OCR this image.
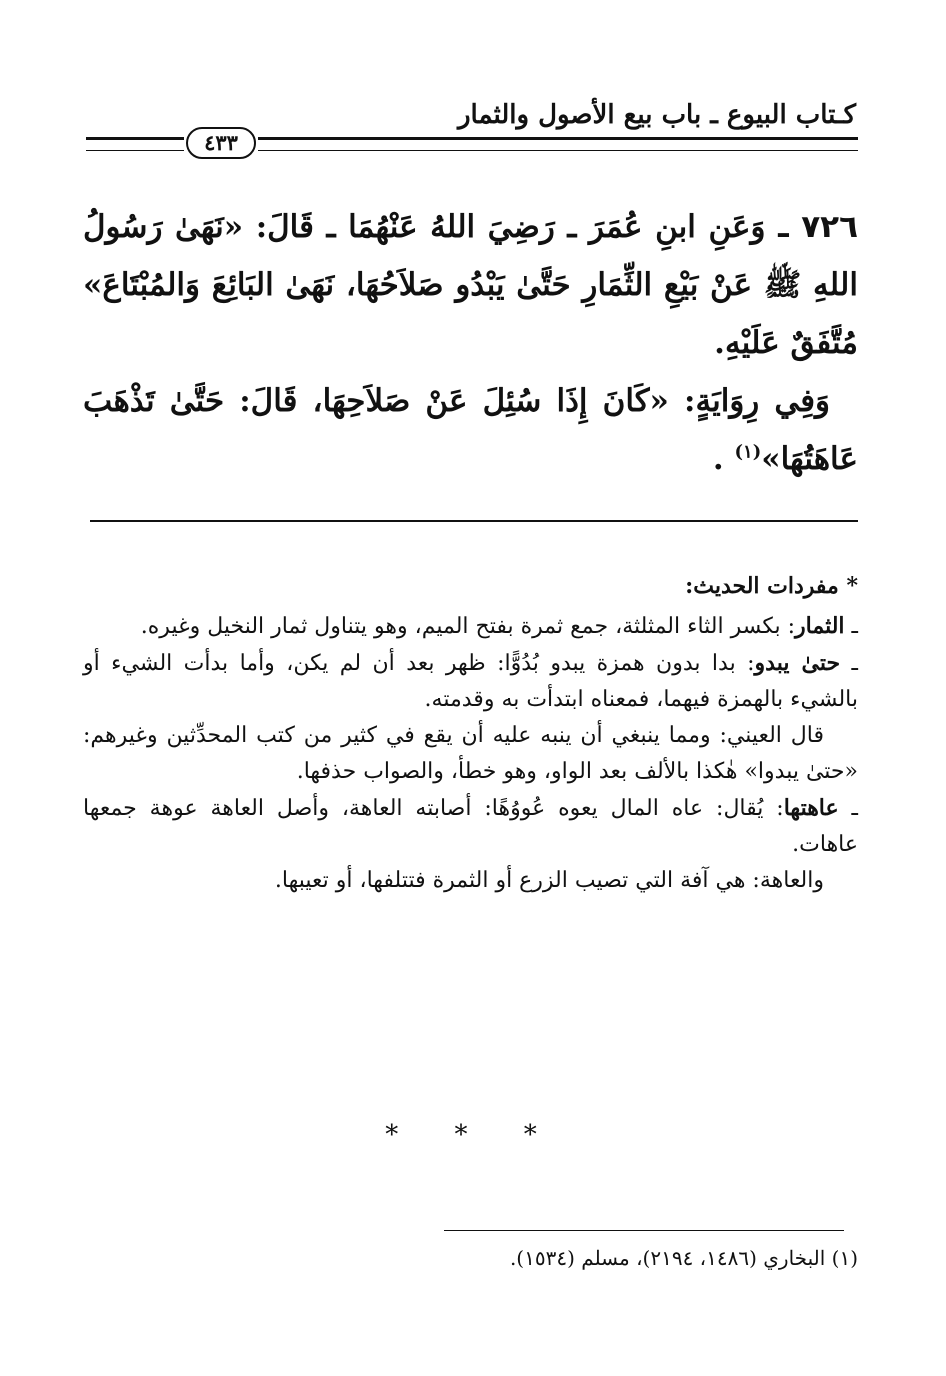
كـتاب البيوع ـ باب بيع الأصول والثمار
٤٣٣

٧٢٦ ـ وَعَنِ ابنِ عُمَرَ ـ رَضِيَ اللهُ عَنْهُمَا ـ قَالَ: «نَهَىٰ رَسُولُ اللهِ ﷺ عَنْ بَيْعِ الثِّمَارِ حَتَّىٰ يَبْدُو صَلاَحُهَا، نَهَىٰ البَائِعَ وَالمُبْتَاعَ» مُتَّفَقٌ عَلَيْهِ.

وَفِي رِوَايَةٍ: «كَانَ إِذَا سُئِلَ عَنْ صَلاَحِهَا، قَالَ: حَتَّىٰ تَذْهَبَ عَاهَتُهَا»$^{(١)}$ .

* مفردات الحديث:

ـ الثمار: بكسر الثاء المثلثة، جمع ثمرة بفتح الميم، وهو يتناول ثمار النخيل وغيره.

ـ حتىٰ يبدو: بدا بدون همزة يبدو بُدُوًّا: ظهر بعد أن لم يكن، وأما بدأت الشيء أو بالشيء بالهمزة فيهما، فمعناه ابتدأت به وقدمته.

قال العيني: ومما ينبغي أن ينبه عليه أن يقع في كثير من كتب المحدِّثين وغيرهم: «حتىٰ يبدوا» هٰكذا بالألف بعد الواو، وهو خطأ، والصواب حذفها.

ـ عاهتها: يُقال: عاه المال يعوه عُووُهًا: أصابته العاهة، وأصل العاهة عوهة جمعها عاهات.

والعاهة: هي آفة التي تصيب الزرع أو الثمرة فتتلفها، أو تعيبها.

* * *
(١) البخاري (١٤٨٦، ٢١٩٤)، مسلم (١٥٣٤).
